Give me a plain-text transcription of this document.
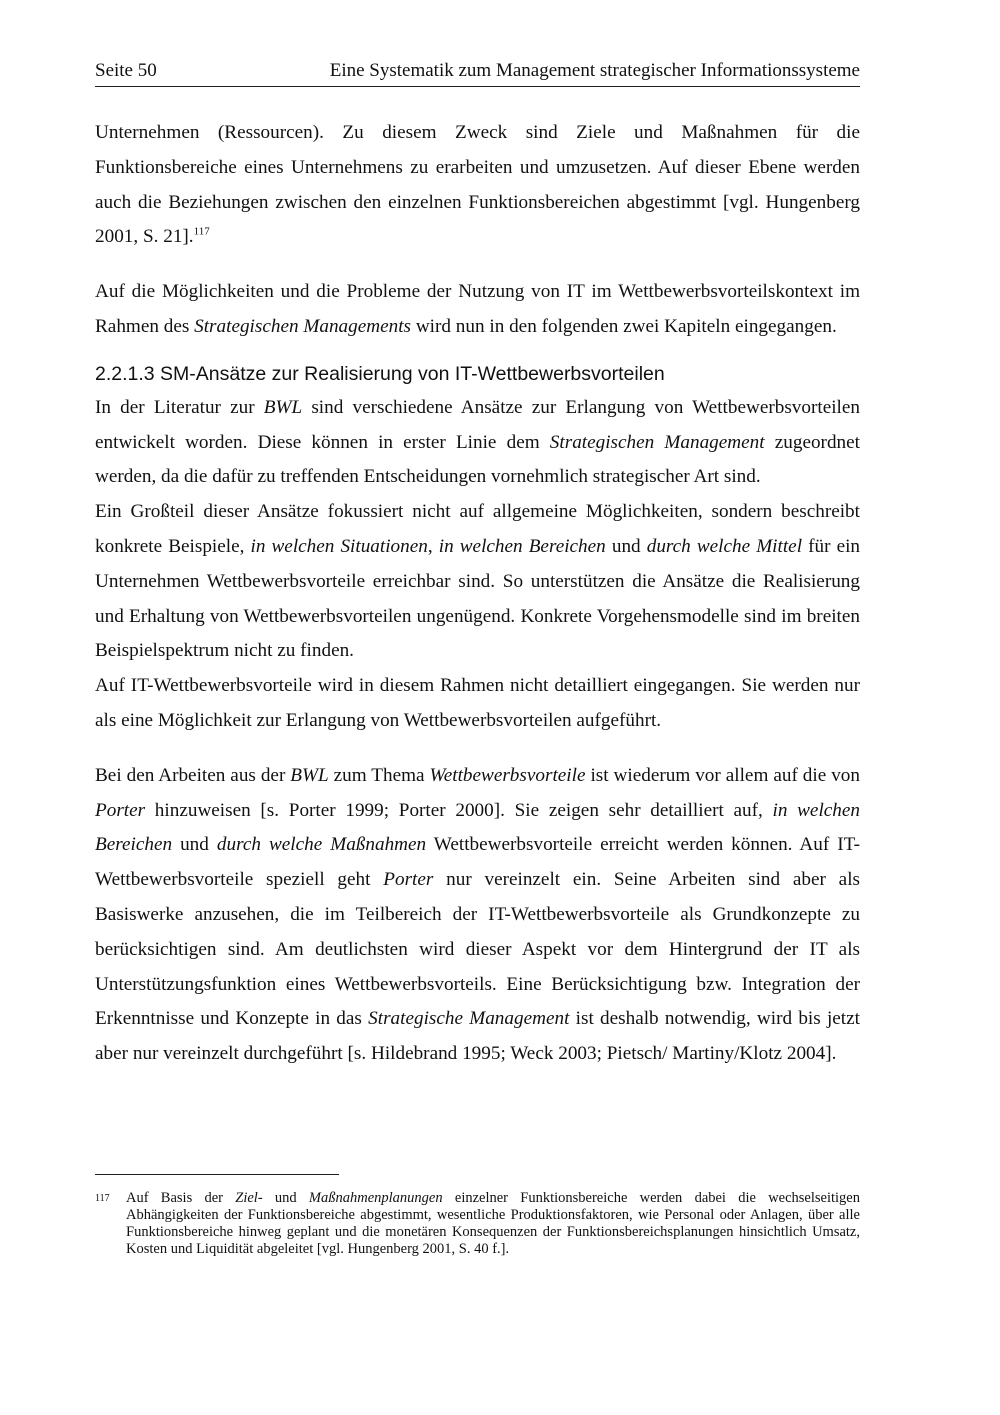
Seite 50	Eine Systematik zum Management strategischer Informationssysteme

Unternehmen (Ressourcen). Zu diesem Zweck sind Ziele und Maßnahmen für die Funktionsbereiche eines Unternehmens zu erarbeiten und umzusetzen. Auf dieser Ebene werden auch die Beziehungen zwischen den einzelnen Funktionsbereichen abgestimmt [vgl. Hungenberg 2001, S. 21].$^{117}$

Auf die Möglichkeiten und die Probleme der Nutzung von IT im Wettbewerbsvorteilskontext im Rahmen des Strategischen Managements wird nun in den folgenden zwei Kapiteln eingegangen.

2.2.1.3 SM-Ansätze zur Realisierung von IT-Wettbewerbsvorteilen

In der Literatur zur BWL sind verschiedene Ansätze zur Erlangung von Wettbewerbsvorteilen entwickelt worden. Diese können in erster Linie dem Strategischen Management zugeordnet werden, da die dafür zu treffenden Entscheidungen vornehmlich strategischer Art sind.

Ein Großteil dieser Ansätze fokussiert nicht auf allgemeine Möglichkeiten, sondern beschreibt konkrete Beispiele, in welchen Situationen, in welchen Bereichen und durch welche Mittel für ein Unternehmen Wettbewerbsvorteile erreichbar sind. So unterstützen die Ansätze die Realisierung und Erhaltung von Wettbewerbsvorteilen ungenügend. Konkrete Vorgehensmodelle sind im breiten Beispielspektrum nicht zu finden.

Auf IT-Wettbewerbsvorteile wird in diesem Rahmen nicht detailliert eingegangen. Sie werden nur als eine Möglichkeit zur Erlangung von Wettbewerbsvorteilen aufgeführt.

Bei den Arbeiten aus der BWL zum Thema Wettbewerbsvorteile ist wiederum vor allem auf die von Porter hinzuweisen [s. Porter 1999; Porter 2000]. Sie zeigen sehr detailliert auf, in welchen Bereichen und durch welche Maßnahmen Wettbewerbsvorteile erreicht werden können. Auf IT-Wettbewerbsvorteile speziell geht Porter nur vereinzelt ein. Seine Arbeiten sind aber als Basiswerke anzusehen, die im Teilbereich der IT-Wettbewerbsvorteile als Grundkonzepte zu berücksichtigen sind. Am deutlichsten wird dieser Aspekt vor dem Hintergrund der IT als Unterstützungsfunktion eines Wettbewerbsvorteils. Eine Berücksichtigung bzw. Integration der Erkenntnisse und Konzepte in das Strategische Management ist deshalb notwendig, wird bis jetzt aber nur vereinzelt durchgeführt [s. Hildebrand 1995; Weck 2003; Pietsch/ Martiny/Klotz 2004].

117 Auf Basis der Ziel- und Maßnahmenplanungen einzelner Funktionsbereiche werden dabei die wechselseitigen Abhängigkeiten der Funktionsbereiche abgestimmt, wesentliche Produktionsfaktoren, wie Personal oder Anlagen, über alle Funktionsbereiche hinweg geplant und die monetären Konsequenzen der Funktionsbereichsplanungen hinsichtlich Umsatz, Kosten und Liquidität abgeleitet [vgl. Hungenberg 2001, S. 40 f.].
